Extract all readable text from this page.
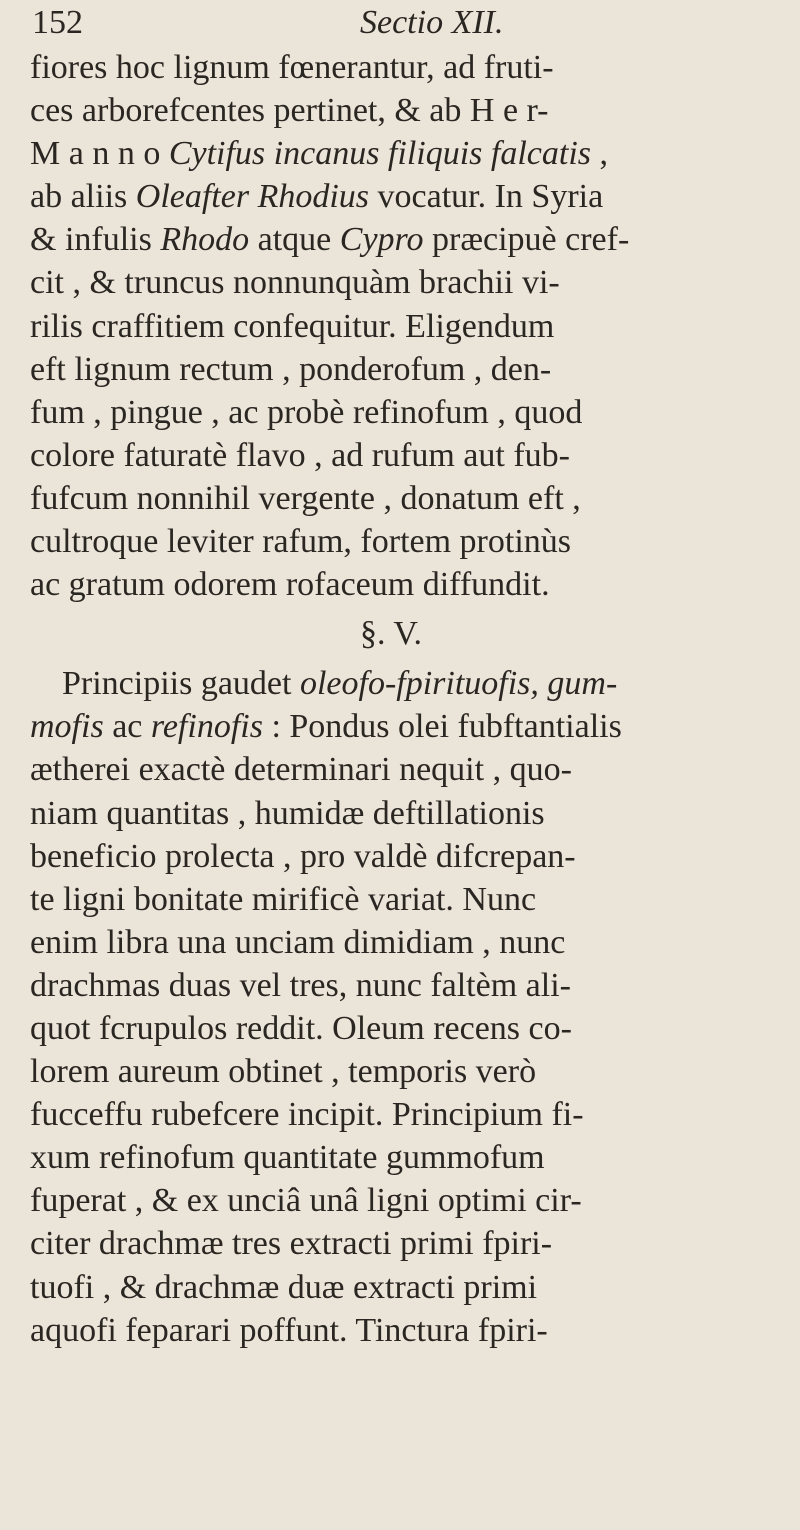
152	Sectio XII.
fiores hoc lignum fœnerantur, ad fruti-
ces arborefcentes pertinet, & ab H e r-
M a n n o Cytifus incanus filiquis falcatis ,
ab aliis Oleafter Rhodius vocatur. In Syria
& infulis Rhodo atque Cypro præcipuè cref-
cit , & truncus nonnunquàm brachii vi-
rilis craffitiem confequitur. Eligendum
eft lignum rectum , ponderofum , den-
fum , pingue , ac probè refinofum , quod
colore faturatè flavo , ad rufum aut fub-
fufcum nonnihil vergente , donatum eft ,
cultroque leviter rafum, fortem protinùs
ac gratum odorem rofaceum diffundit.
§. V.
Principiis gaudet oleofo-fpirituofis, gum-
mofis ac refinofis : Pondus olei fubftantialis
ætherei exactè determinari nequit , quo-
niam quantitas , humidæ deftillationis
beneficio prolecta , pro valdè difcrepan-
te ligni bonitate mirificè variat. Nunc
enim libra una unciam dimidiam , nunc
drachmas duas vel tres, nunc faltèm ali-
quot fcrupulos reddit. Oleum recens co-
lorem aureum obtinet , temporis verò
fucceffu rubefcere incipit. Principium fi-
xum refinofum quantitate gummofum
fuperat , & ex unciâ unâ ligni optimi cir-
citer drachmæ tres extracti primi fpiri-
tuofi , & drachmæ duæ extracti primi
aquofi feparari poffunt. Tinctura fpiri-
